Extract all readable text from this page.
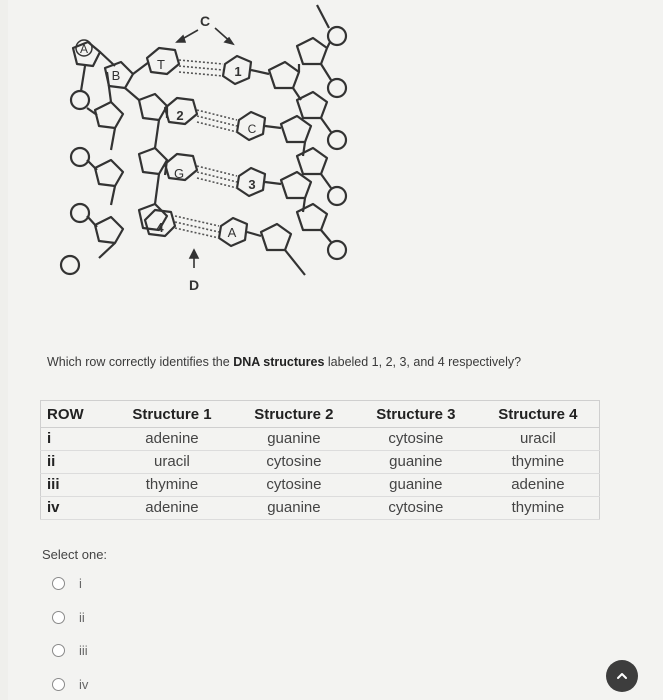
A
B
C
D
T
G
C
A
1
2
3
4
Which row correctly identifies the DNA structures labeled 1, 2, 3, and 4 respectively?
ROW	Structure 1	Structure 2	Structure 3	Structure 4
i	adenine	guanine	cytosine	uracil
ii	uracil	cytosine	guanine	thymine
iii	thymine	cytosine	guanine	adenine
iv	adenine	guanine	cytosine	thymine
Select one:
i
ii
iii
iv
